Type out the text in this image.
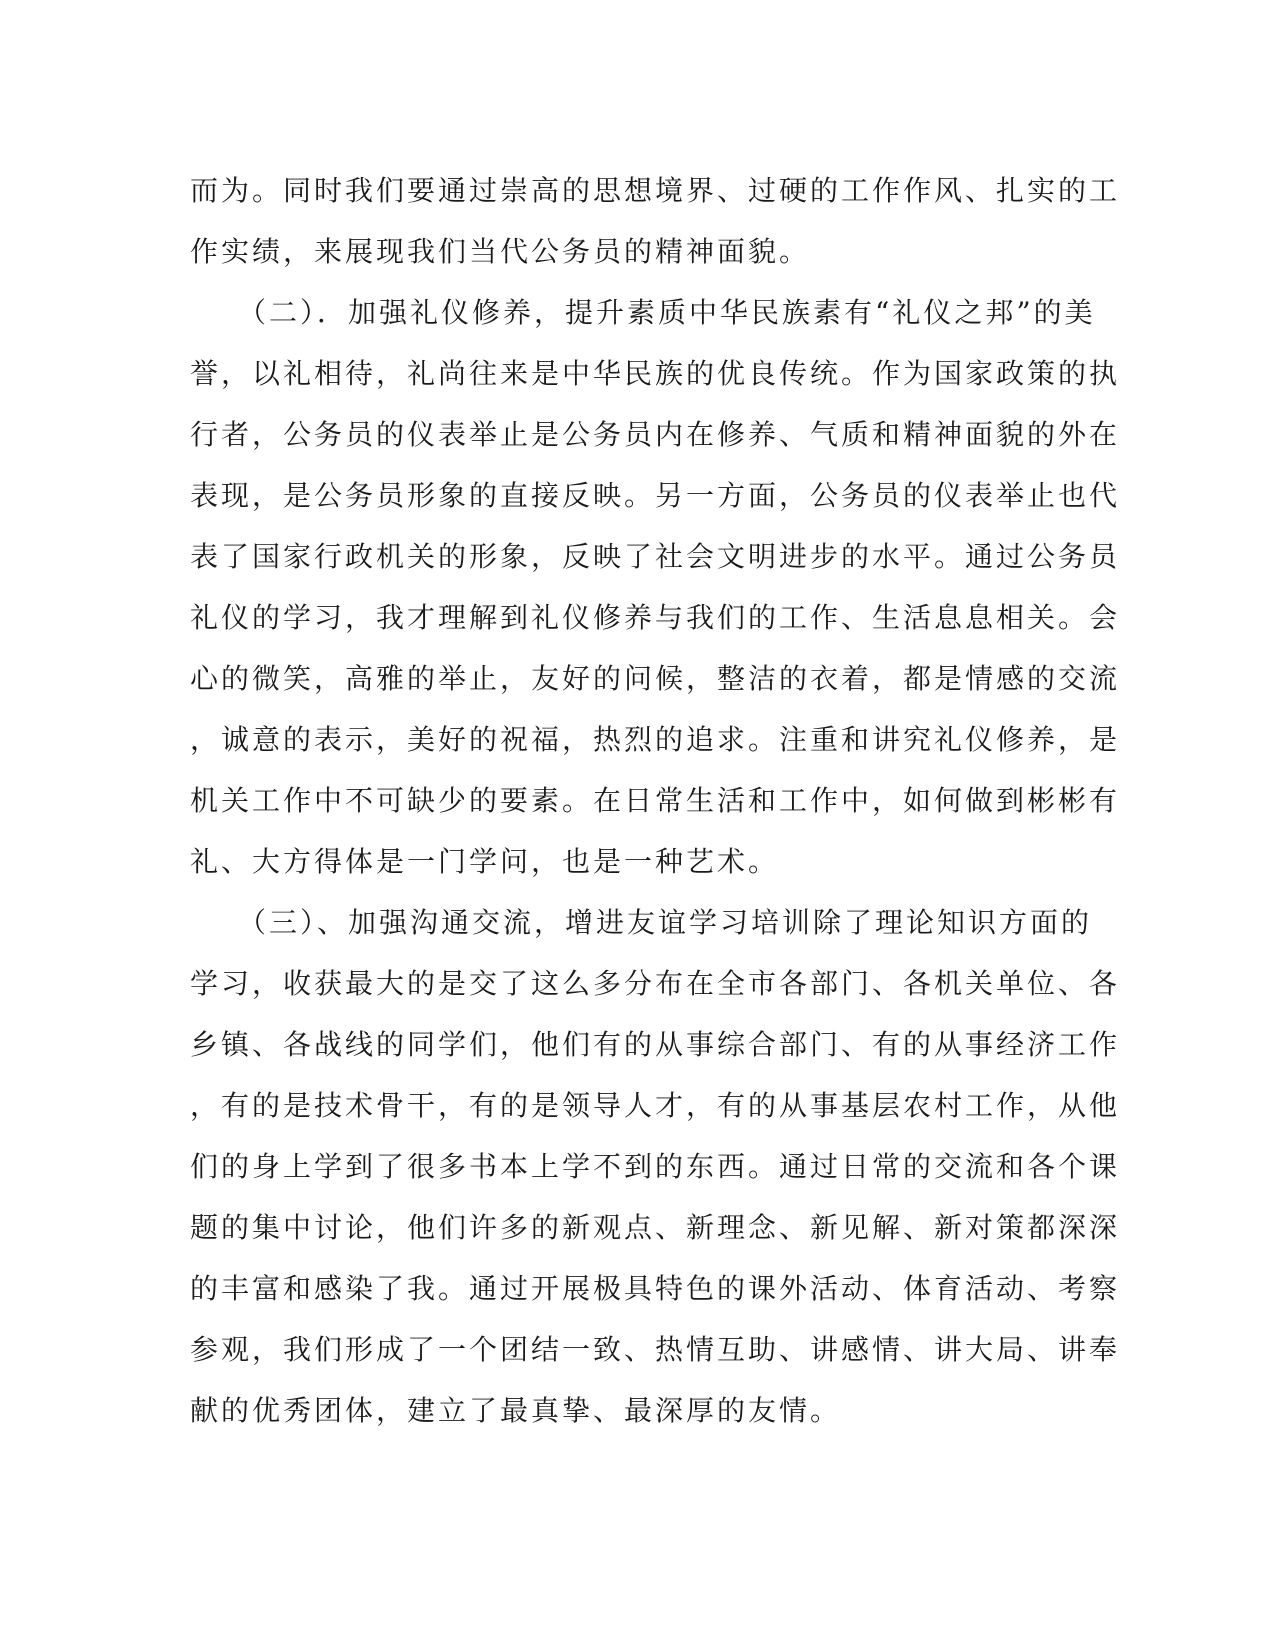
而为。同时我们要通过崇高的思想境界、过硬的工作作风、扎实的工
作实绩，来展现我们当代公务员的精神面貌。
　　（二）．加强礼仪修养，提升素质中华民族素有“礼仪之邦”的美
誉，以礼相待，礼尚往来是中华民族的优良传统。作为国家政策的执
行者，公务员的仪表举止是公务员内在修养、气质和精神面貌的外在
表现，是公务员形象的直接反映。另一方面，公务员的仪表举止也代
表了国家行政机关的形象，反映了社会文明进步的水平。通过公务员
礼仪的学习，我才理解到礼仪修养与我们的工作、生活息息相关。会
心的微笑，高雅的举止，友好的问候，整洁的衣着，都是情感的交流
，诚意的表示，美好的祝福，热烈的追求。注重和讲究礼仪修养，是
机关工作中不可缺少的要素。在日常生活和工作中，如何做到彬彬有
礼、大方得体是一门学问，也是一种艺术。
　　（三）、加强沟通交流，增进友谊学习培训除了理论知识方面的
学习，收获最大的是交了这么多分布在全市各部门、各机关单位、各
乡镇、各战线的同学们，他们有的从事综合部门、有的从事经济工作
，有的是技术骨干，有的是领导人才，有的从事基层农村工作，从他
们的身上学到了很多书本上学不到的东西。通过日常的交流和各个课
题的集中讨论，他们许多的新观点、新理念、新见解、新对策都深深
的丰富和感染了我。通过开展极具特色的课外活动、体育活动、考察
参观，我们形成了一个团结一致、热情互助、讲感情、讲大局、讲奉
献的优秀团体，建立了最真挚、最深厚的友情。
